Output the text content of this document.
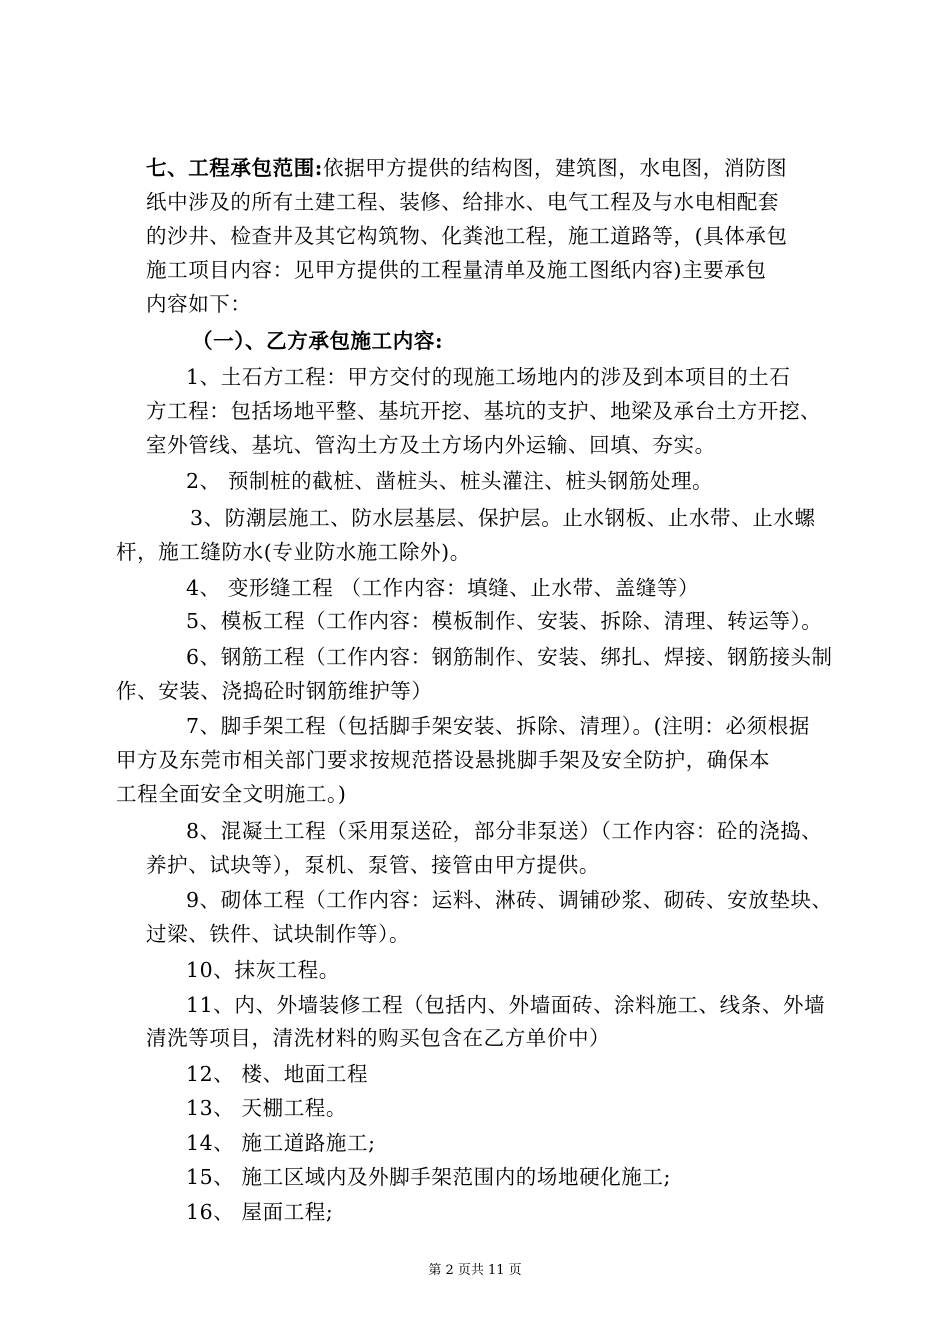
七、工程承包范围:依据甲方提供的结构图，建筑图，水电图，消防图
纸中涉及的所有土建工程、装修、给排水、电气工程及与水电相配套
的沙井、检查井及其它构筑物、化粪池工程，施工道路等，(具体承包
施工项目内容：见甲方提供的工程量清单及施工图纸内容)主要承包
内容如下：
（一）、乙方承包施工内容:
1、土石方工程：甲方交付的现施工场地内的涉及到本项目的土石
方工程：包括场地平整、基坑开挖、基坑的支护、地梁及承台土方开挖、
室外管线、基坑、管沟土方及土方场内外运输、回填、夯实。
2、 预制桩的截桩、凿桩头、桩头灌注、桩头钢筋处理。
3、防潮层施工、防水层基层、保护层。止水钢板、止水带、止水螺
杆，施工缝防水(专业防水施工除外)。
4、 变形缝工程 （工作内容：填缝、止水带、盖缝等）
5、模板工程（工作内容：模板制作、安装、拆除、清理、转运等）。
6、钢筋工程（工作内容：钢筋制作、安装、绑扎、焊接、钢筋接头制
作、安装、浇捣砼时钢筋维护等）
7、脚手架工程（包括脚手架安装、拆除、清理）。(注明：必须根据
甲方及东莞市相关部门要求按规范搭设悬挑脚手架及安全防护，确保本
工程全面安全文明施工。)
8、混凝土工程（采用泵送砼，部分非泵送）（工作内容：砼的浇捣、
养护、试块等），泵机、泵管、接管由甲方提供。
9、砌体工程（工作内容：运料、淋砖、调铺砂浆、砌砖、安放垫块、
过梁、铁件、试块制作等）。
10、抹灰工程。
11、内、外墙装修工程（包括内、外墙面砖、涂料施工、线条、外墙
清洗等项目，清洗材料的购买包含在乙方单价中）
12、 楼、地面工程
13、 天棚工程。
14、 施工道路施工;
15、 施工区域内及外脚手架范围内的场地硬化施工;
16、 屋面工程;
第 2 页共 11 页
